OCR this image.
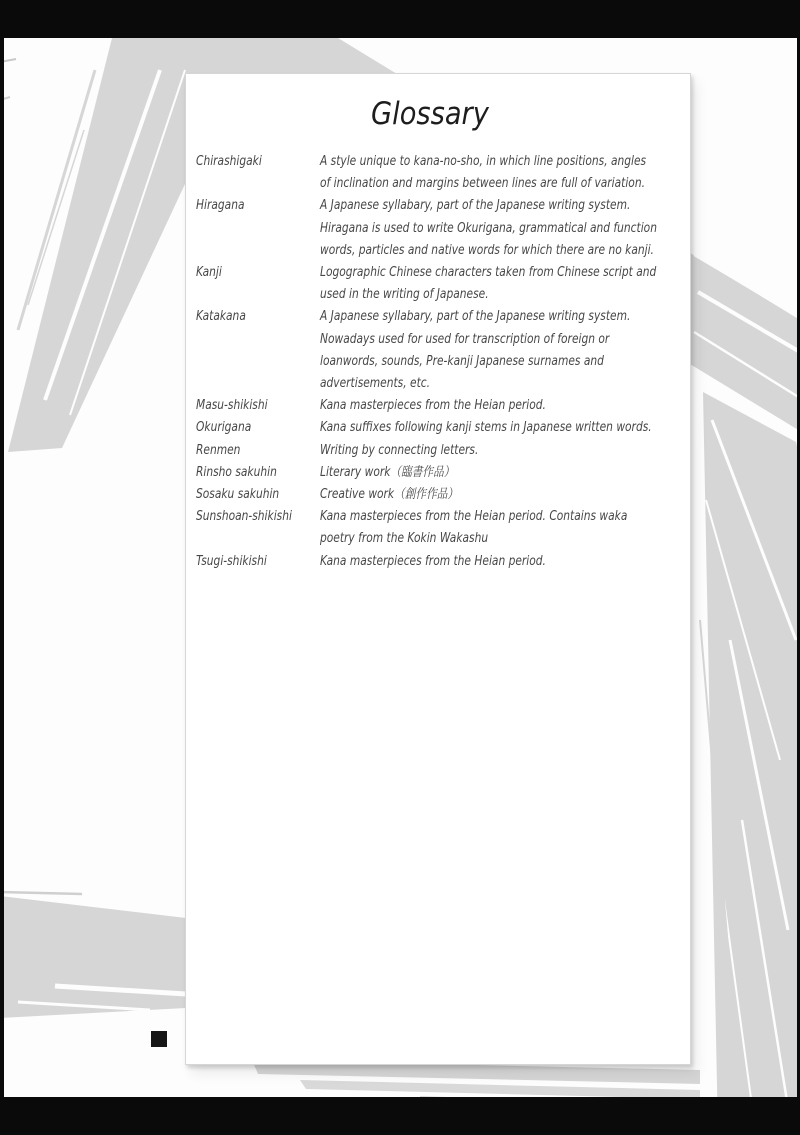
Glossary
Chirashigaki	A style unique to kana-no-sho, in which line positions, angles
of inclination and margins between lines are full of variation.
Hiragana	A Japanese syllabary, part of the Japanese writing system.
Hiragana is used to write Okurigana, grammatical and function
words, particles and native words for which there are no kanji.
Kanji	Logographic Chinese characters taken from Chinese script and
used in the writing of Japanese.
Katakana	A Japanese syllabary, part of the Japanese writing system.
Nowadays used for used for transcription of foreign or
loanwords, sounds, Pre-kanji Japanese surnames and
advertisements, etc.
Masu-shikishi	Kana masterpieces from the Heian period.
Okurigana	Kana suffixes following kanji stems in Japanese written words.
Renmen	Writing by connecting letters.
Rinsho sakuhin	Literary work（臨書作品）
Sosaku sakuhin	Creative work（創作作品）
Sunshoan-shikishi	Kana masterpieces from the Heian period. Contains waka
poetry from the Kokin Wakashu
Tsugi-shikishi	Kana masterpieces from the Heian period.
